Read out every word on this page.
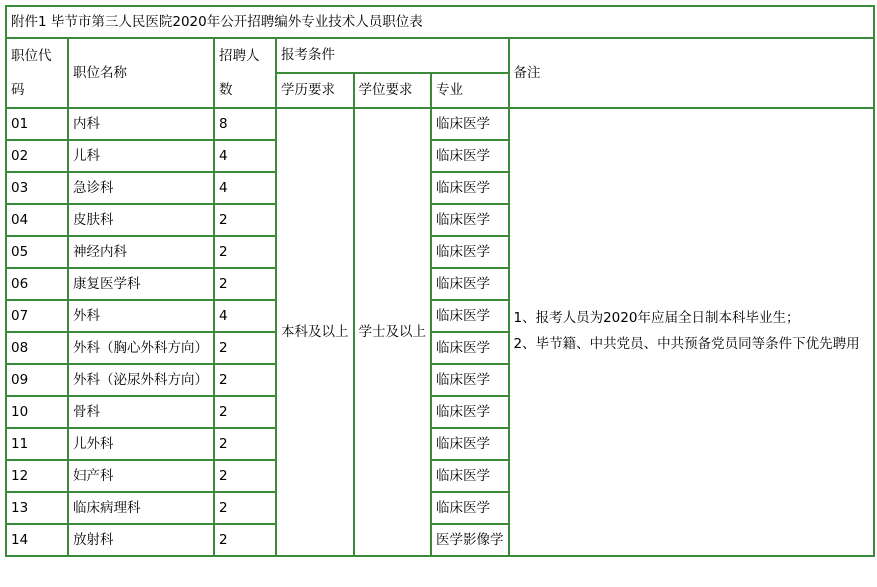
附件1 毕节市第三人民医院2020年公开招聘编外专业技术人员职位表						
职位代码	职位名称	招聘人数	报考条件			备注
			学历要求	学位要求	专业	
01	内科	8	本科及以上	学士及以上	临床医学	1、报考人员为2020年应届全日制本科毕业生；
2、毕节籍、中共党员、中共预备党员同等条件下优先聘用

02	儿科	4			临床医学	
03	急诊科	4			临床医学	
04	皮肤科	2			临床医学	
05	神经内科	2			临床医学	
06	康复医学科	2			临床医学	
07	外科	4			临床医学	
08	外科（胸心外科方向）	2			临床医学	
09	外科（泌尿外科方向）	2			临床医学	
10	骨科	2			临床医学	
11	儿外科	2			临床医学	
12	妇产科	2			临床医学	
13	临床病理科	2			临床医学	
14	放射科	2			医学影像学	
